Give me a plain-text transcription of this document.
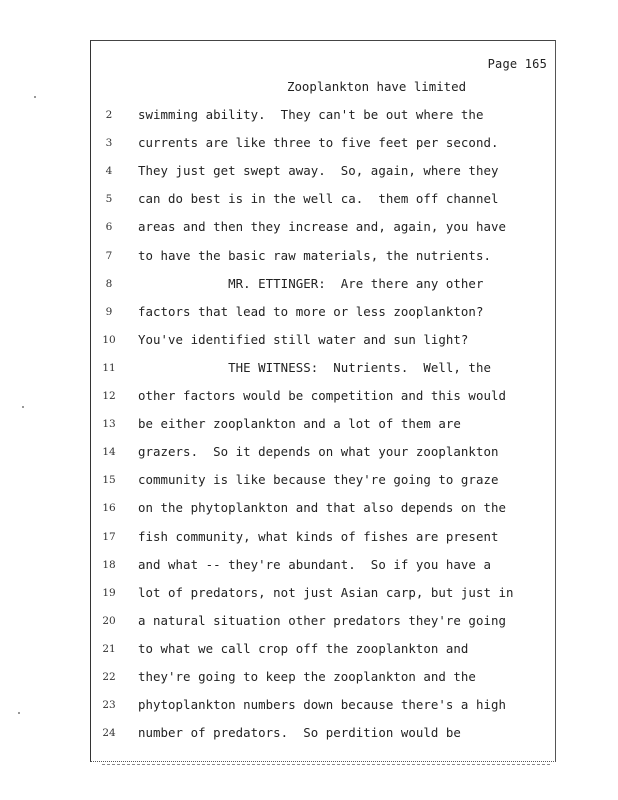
Page 165
Zooplankton have limited
2	swimming ability.  They can't be out where the
3	currents are like three to five feet per second.
4	They just get swept away.  So, again, where they
5	can do best is in the well ca.  them off channel
6	areas and then they increase and, again, you have
7	to have the basic raw materials, the nutrients.
8	MR. ETTINGER:  Are there any other
9	factors that lead to more or less zooplankton?
10	You've identified still water and sun light?
11	THE WITNESS:  Nutrients.  Well, the
12	other factors would be competition and this would
13	be either zooplankton and a lot of them are
14	grazers.  So it depends on what your zooplankton
15	community is like because they're going to graze
16	on the phytoplankton and that also depends on the
17	fish community, what kinds of fishes are present
18	and what -- they're abundant.  So if you have a
19	lot of predators, not just Asian carp, but just in
20	a natural situation other predators they're going
21	to what we call crop off the zooplankton and
22	they're going to keep the zooplankton and the
23	phytoplankton numbers down because there's a high
24	number of predators.  So perdition would be
